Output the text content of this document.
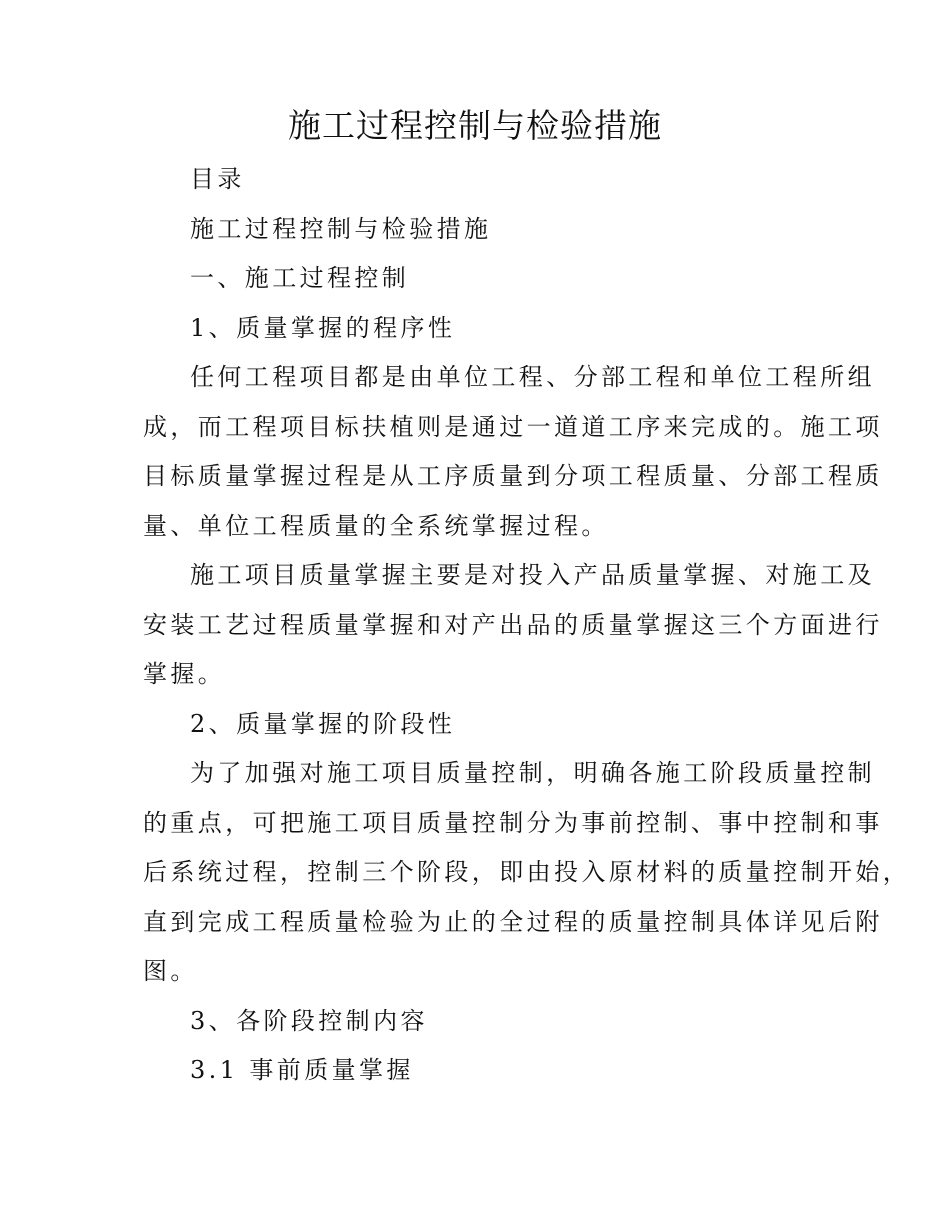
施工过程控制与检验措施
目录
施工过程控制与检验措施
一、施工过程控制
1、质量掌握的程序性
任何工程项目都是由单位工程、分部工程和单位工程所组
成，而工程项目标扶植则是通过一道道工序来完成的。施工项
目标质量掌握过程是从工序质量到分项工程质量、分部工程质
量、单位工程质量的全系统掌握过程。
施工项目质量掌握主要是对投入产品质量掌握、对施工及
安装工艺过程质量掌握和对产出品的质量掌握这三个方面进行
掌握。
2、质量掌握的阶段性
为了加强对施工项目质量控制，明确各施工阶段质量控制
的重点，可把施工项目质量控制分为事前控制、事中控制和事
后系统过程，控制三个阶段，即由投入原材料的质量控制开始，
直到完成工程质量检验为止的全过程的质量控制具体详见后附
图。
3、各阶段控制内容
3.1 事前质量掌握
